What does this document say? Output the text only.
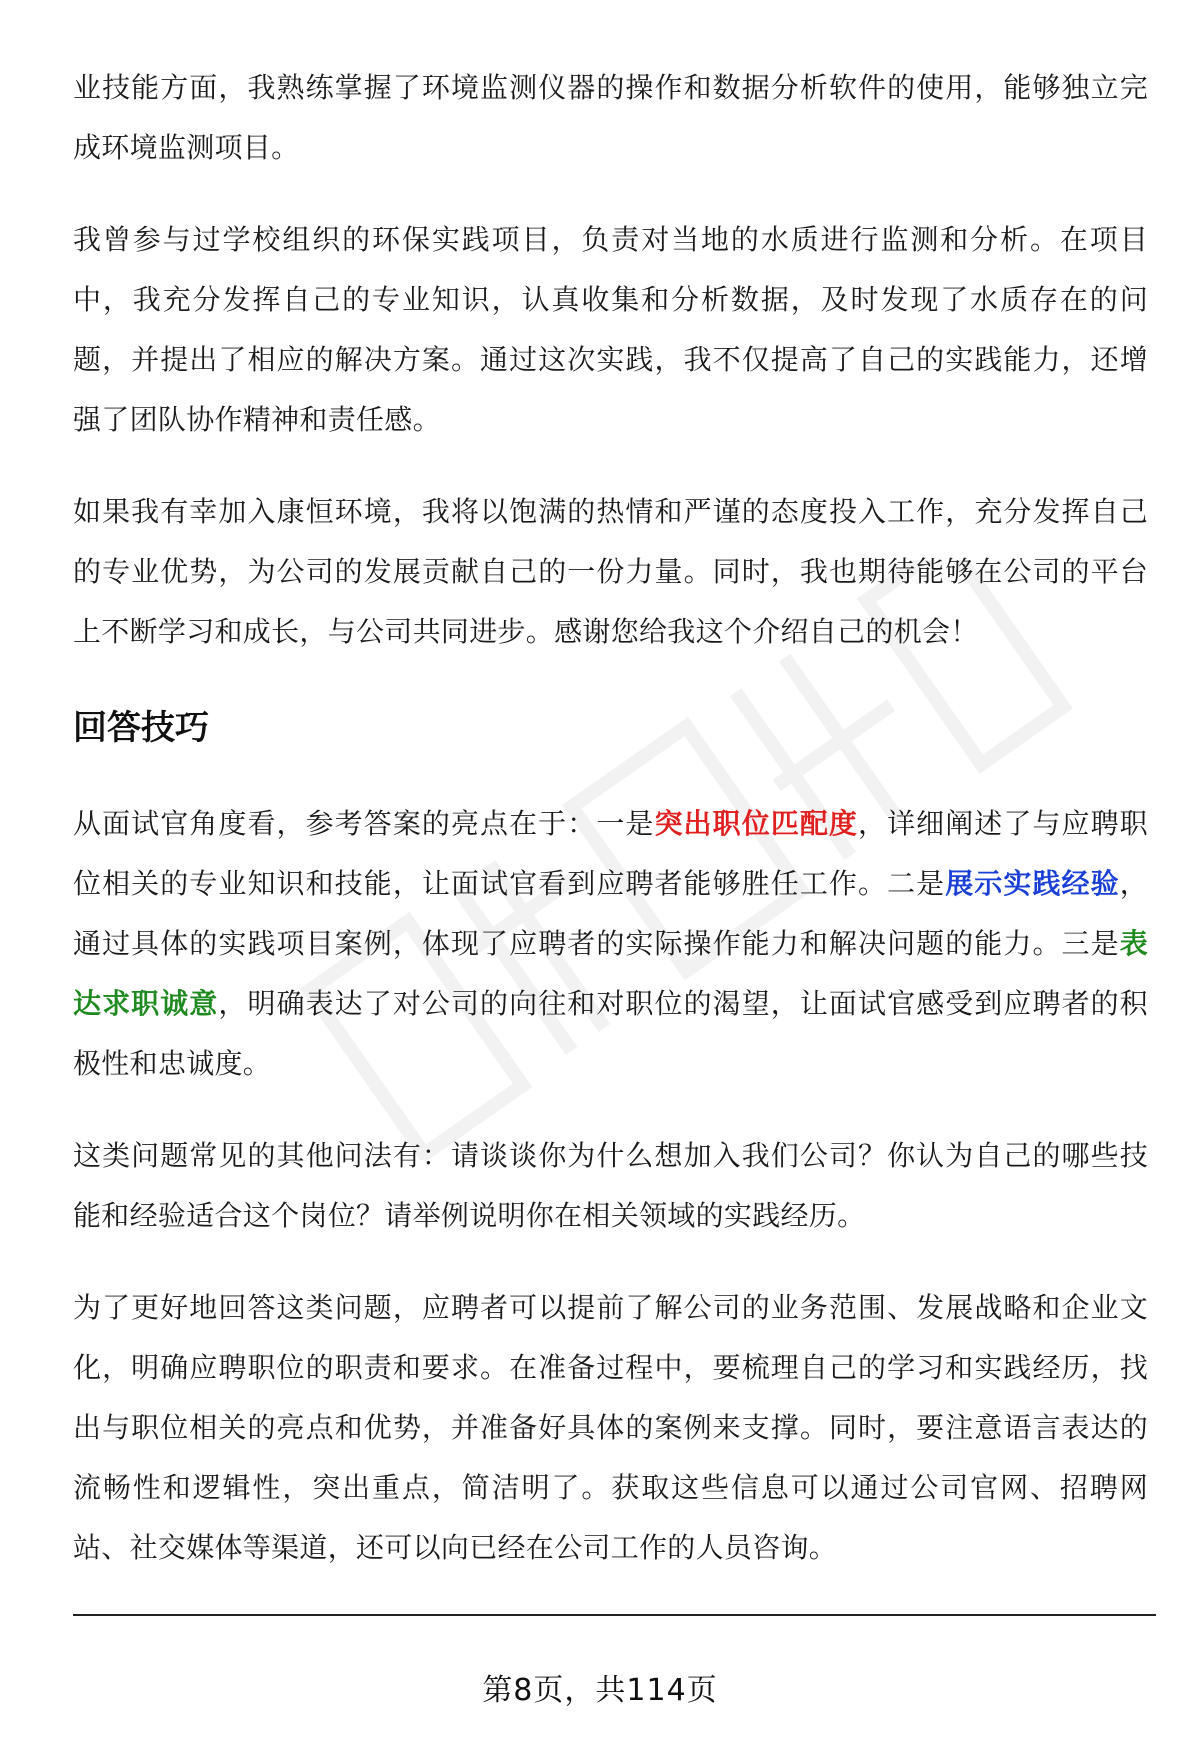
业技能方面，我熟练掌握了环境监测仪器的操作和数据分析软件的使用，能够独立完成环境监测项目。

我曾参与过学校组织的环保实践项目，负责对当地的水质进行监测和分析。在项目中，我充分发挥自己的专业知识，认真收集和分析数据，及时发现了水质存在的问题，并提出了相应的解决方案。通过这次实践，我不仅提高了自己的实践能力，还增强了团队协作精神和责任感。

如果我有幸加入康恒环境，我将以饱满的热情和严谨的态度投入工作，充分发挥自己的专业优势，为公司的发展贡献自己的一份力量。同时，我也期待能够在公司的平台上不断学习和成长，与公司共同进步。感谢您给我这个介绍自己的机会！

回答技巧

从面试官角度看，参考答案的亮点在于：一是突出职位匹配度，详细阐述了与应聘职位相关的专业知识和技能，让面试官看到应聘者能够胜任工作。二是展示实践经验，通过具体的实践项目案例，体现了应聘者的实际操作能力和解决问题的能力。三是表达求职诚意，明确表达了对公司的向往和对职位的渴望，让面试官感受到应聘者的积极性和忠诚度。

这类问题常见的其他问法有：请谈谈你为什么想加入我们公司？你认为自己的哪些技能和经验适合这个岗位？请举例说明你在相关领域的实践经历。

为了更好地回答这类问题，应聘者可以提前了解公司的业务范围、发展战略和企业文化，明确应聘职位的职责和要求。在准备过程中，要梳理自己的学习和实践经历，找出与职位相关的亮点和优势，并准备好具体的案例来支撑。同时，要注意语言表达的流畅性和逻辑性，突出重点，简洁明了。获取这些信息可以通过公司官网、招聘网站、社交媒体等渠道，还可以向已经在公司工作的人员咨询。

第8页，共114页
